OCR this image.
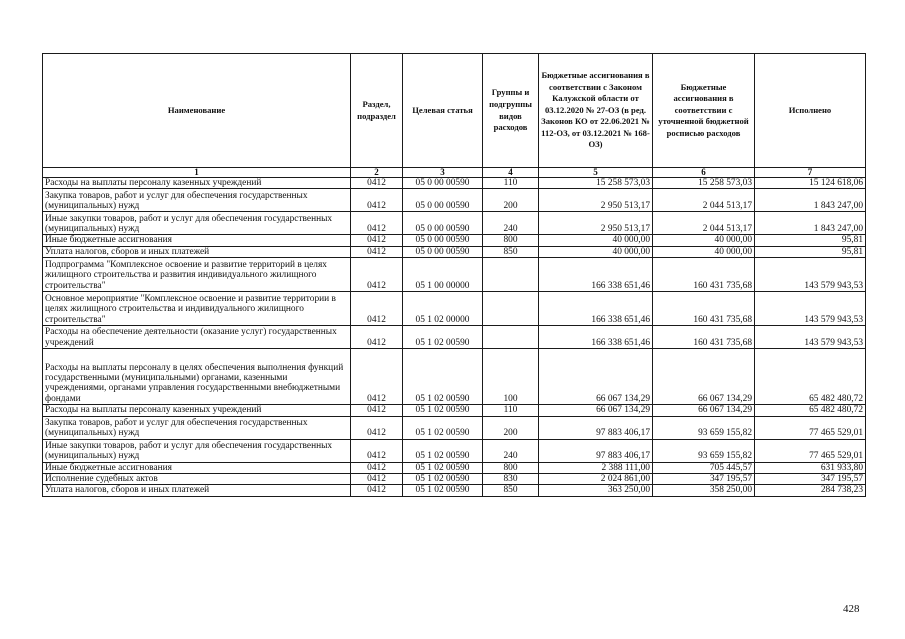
Наименование	Раздел, подраздел	Целевая статья	Группы и подгруппы видов расходов	Бюджетные ассигнования в соответствии с Законом Калужской области от 03.12.2020 № 27-ОЗ (в ред. Законов КО от 22.06.2021 № 112-ОЗ, от 03.12.2021 № 168-ОЗ)	Бюджетные ассигнования в соответствии с уточненной бюджетной росписью расходов	Исполнено
1	2	3	4	5	6	7
Расходы на выплаты персоналу казенных учреждений	0412	05 0 00 00590	110	15 258 573,03	15 258 573,03	15 124 618,06
Закупка товаров, работ и услуг для обеспечения государственных (муниципальных) нужд	0412	05 0 00 00590	200	2 950 513,17	2 044 513,17	1 843 247,00
Иные закупки товаров, работ и услуг для обеспечения государственных (муниципальных) нужд	0412	05 0 00 00590	240	2 950 513,17	2 044 513,17	1 843 247,00
Иные бюджетные ассигнования	0412	05 0 00 00590	800	40 000,00	40 000,00	95,81
Уплата налогов, сборов и иных платежей	0412	05 0 00 00590	850	40 000,00	40 000,00	95,81
Подпрограмма "Комплексное освоение и развитие территорий в целях жилищного строительства и развития индивидуального жилищного строительства"	0412	05 1 00 00000		166 338 651,46	160 431 735,68	143 579 943,53
Основное мероприятие "Комплексное освоение и развитие территории в целях жилищного строительства и индивидуального жилищного строительства"	0412	05 1 02 00000		166 338 651,46	160 431 735,68	143 579 943,53
Расходы на обеспечение деятельности (оказание услуг) государственных учреждений	0412	05 1 02 00590		166 338 651,46	160 431 735,68	143 579 943,53
Расходы на выплаты персоналу в целях обеспечения выполнения функций государственными (муниципальными) органами, казенными учреждениями, органами управления государственными внебюджетными фондами	0412	05 1 02 00590	100	66 067 134,29	66 067 134,29	65 482 480,72
Расходы на выплаты персоналу казенных учреждений	0412	05 1 02 00590	110	66 067 134,29	66 067 134,29	65 482 480,72
Закупка товаров, работ и услуг для обеспечения государственных (муниципальных) нужд	0412	05 1 02 00590	200	97 883 406,17	93 659 155,82	77 465 529,01
Иные закупки товаров, работ и услуг для обеспечения государственных (муниципальных) нужд	0412	05 1 02 00590	240	97 883 406,17	93 659 155,82	77 465 529,01
Иные бюджетные ассигнования	0412	05 1 02 00590	800	2 388 111,00	705 445,57	631 933,80
Исполнение судебных актов	0412	05 1 02 00590	830	2 024 861,00	347 195,57	347 195,57
Уплата налогов, сборов и иных платежей	0412	05 1 02 00590	850	363 250,00	358 250,00	284 738,23
428
